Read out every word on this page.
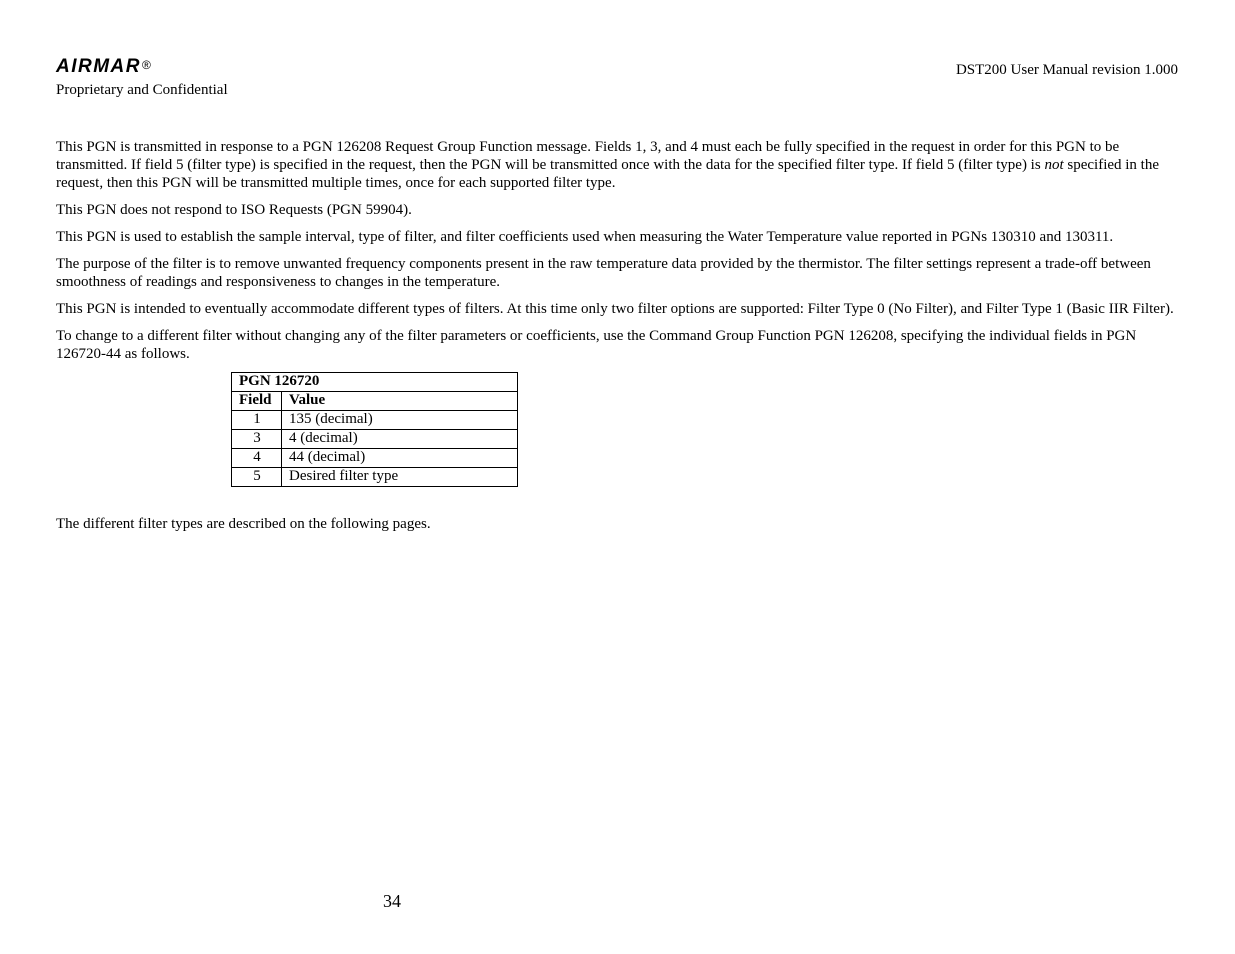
AIRMAR®
Proprietary and Confidential
DST200 User Manual revision 1.000

This PGN is transmitted in response to a PGN 126208 Request Group Function message. Fields 1, 3, and 4 must each be fully specified in the request in order for this PGN to be transmitted. If field 5 (filter type) is specified in the request, then the PGN will be transmitted once with the data for the specified filter type. If field 5 (filter type) is not specified in the request, then this PGN will be transmitted multiple times, once for each supported filter type.

This PGN does not respond to ISO Requests (PGN 59904).

This PGN is used to establish the sample interval, type of filter, and filter coefficients used when measuring the Water Temperature value reported in PGNs 130310 and 130311.

The purpose of the filter is to remove unwanted frequency components present in the raw temperature data provided by the thermistor. The filter settings represent a trade-off between smoothness of readings and responsiveness to changes in the temperature.

This PGN is intended to eventually accommodate different types of filters. At this time only two filter options are supported: Filter Type 0 (No Filter), and Filter Type 1 (Basic IIR Filter).

To change to a different filter without changing any of the filter parameters or coefficients, use the Command Group Function PGN 126208, specifying the individual fields in PGN 126720-44 as follows.

PGN 126720	
Field	Value
1	135 (decimal)
3	4 (decimal)
4	44 (decimal)
5	Desired filter type

The different filter types are described on the following pages.

34
